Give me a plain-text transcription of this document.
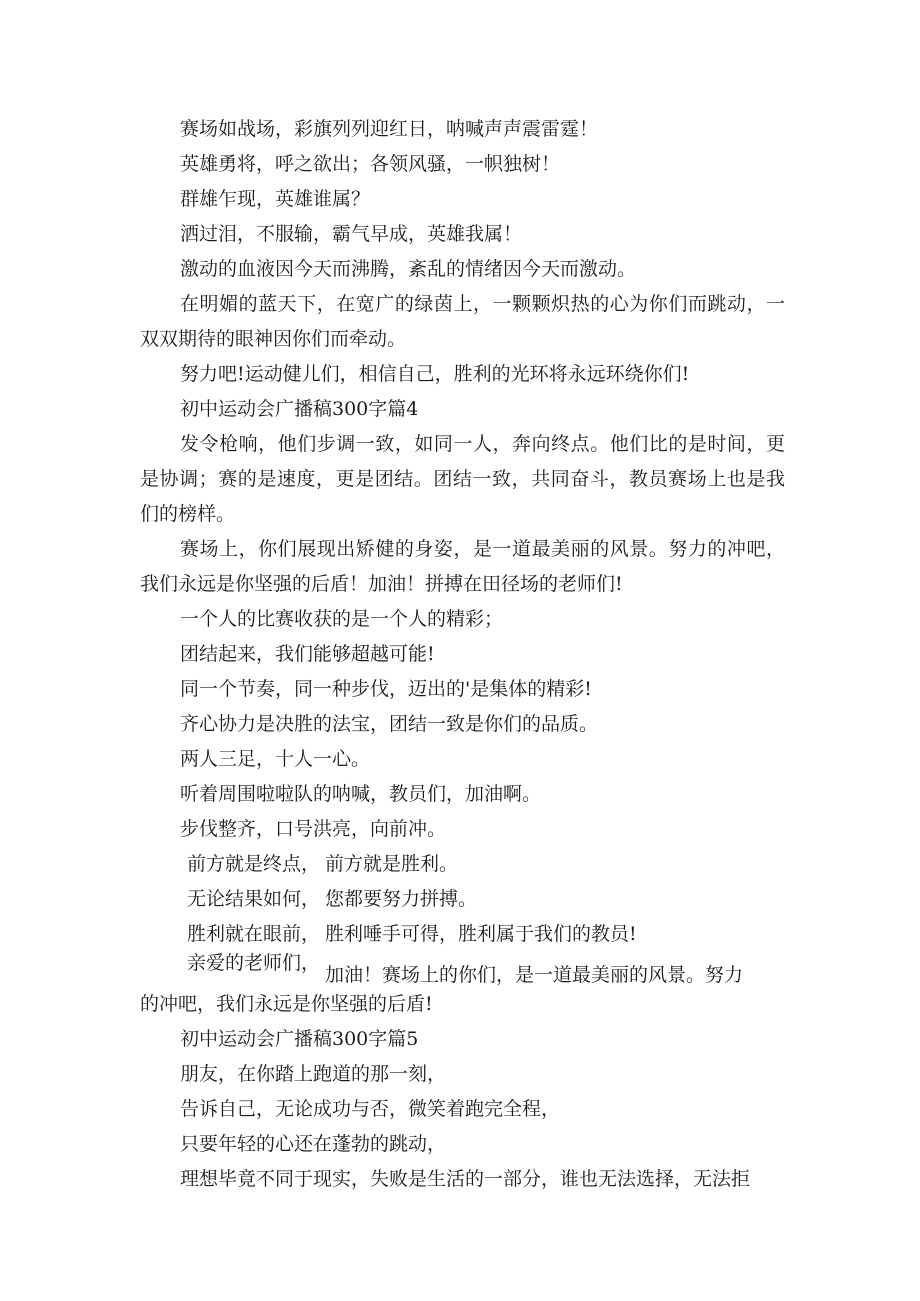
赛场如战场，彩旗列列迎红日，呐喊声声震雷霆！

英雄勇将，呼之欲出；各领风骚，一帜独树！

群雄乍现，英雄谁属？

洒过泪，不服输，霸气早成，英雄我属！

激动的血液因今天而沸腾，紊乱的情绪因今天而激动。

在明媚的蓝天下，在宽广的绿茵上，一颗颗炽热的心为你们而跳动，一双双期待的眼神因你们而牵动。

努力吧!运动健儿们，相信自己，胜利的光环将永远环绕你们!

初中运动会广播稿300字篇4

发令枪响，他们步调一致，如同一人，奔向终点。他们比的是时间，更是协调；赛的是速度，更是团结。团结一致，共同奋斗，教员赛场上也是我们的榜样。

赛场上，你们展现出矫健的身姿，是一道最美丽的风景。努力的冲吧，我们永远是你坚强的后盾！加油！拼搏在田径场的老师们!

一个人的比赛收获的是一个人的精彩；

团结起来，我们能够超越可能!

同一个节奏，同一种步伐，迈出的'是集体的精彩!

齐心协力是决胜的法宝，团结一致是你们的品质。

两人三足，十人一心。

听着周围啦啦队的呐喊，教员们，加油啊。

步伐整齐，口号洪亮，向前冲。

前方就是终点， 前方就是胜利。
无论结果如何， 您都要努力拼搏。
胜利就在眼前， 胜利唾手可得，胜利属于我们的教员!
亲爱的老师们，
加油！赛场上的你们，是一道最美丽的风景。努力

的冲吧，我们永远是你坚强的后盾!

初中运动会广播稿300字篇5

朋友，在你踏上跑道的那一刻，

告诉自己，无论成功与否，微笑着跑完全程，

只要年轻的心还在蓬勃的跳动，

理想毕竟不同于现实，失败是生活的一部分，谁也无法选择，无法拒
